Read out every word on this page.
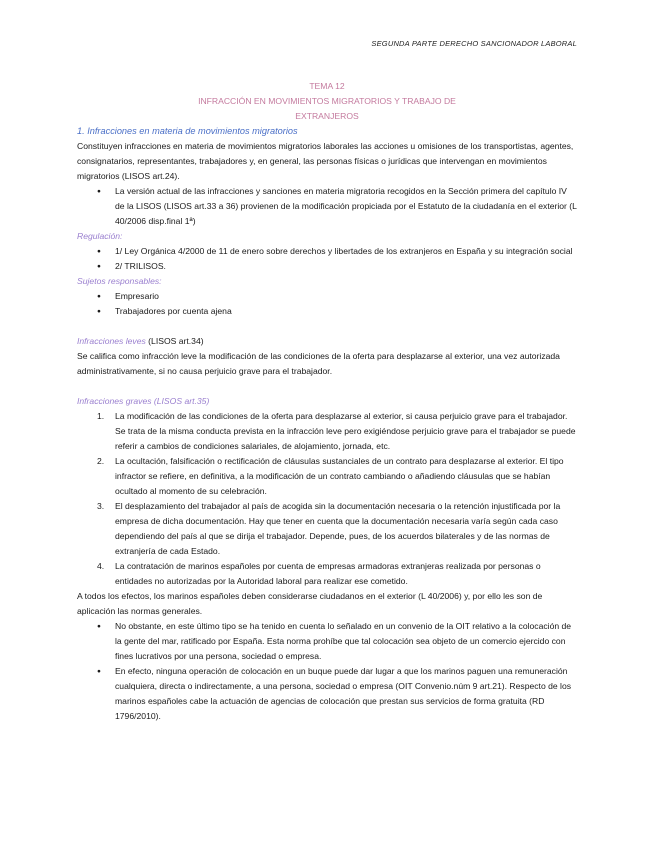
SEGUNDA PARTE DERECHO SANCIONADOR LABORAL
TEMA 12
INFRACCIÓN EN MOVIMIENTOS MIGRATORIOS Y TRABAJO DE
EXTRANJEROS
1. Infracciones en materia de movimientos migratorios

Constituyen infracciones en materia de movimientos migratorios laborales las acciones u omisiones de los transportistas, agentes, consignatarios, representantes, trabajadores y, en general, las personas físicas o jurídicas que intervengan en movimientos migratorios (LISOS art.24).

● La versión actual de las infracciones y sanciones en materia migratoria recogidos en la Sección primera del capítulo IV de la LISOS (LISOS art.33 a 36) provienen de la modificación propiciada por el Estatuto de la ciudadanía en el exterior (L 40/2006 disp.final 1ª)
Regulación:
● 1/ Ley Orgánica 4/2000 de 11 de enero sobre derechos y libertades de los extranjeros en España y su integración social
● 2/ TRILISOS.
Sujetos responsables:
● Empresario
● Trabajadores por cuenta ajena
Infracciones leves (LISOS art.34)

Se califica como infracción leve la modificación de las condiciones de la oferta para desplazarse al exterior, una vez autorizada administrativamente, si no causa perjuicio grave para el trabajador.

Infracciones graves (LISOS art.35)
1. La modificación de las condiciones de la oferta para desplazarse al exterior, si causa perjuicio grave para el trabajador. Se trata de la misma conducta prevista en la infracción leve pero exigiéndose perjuicio grave para el trabajador se puede referir a cambios de condiciones salariales, de alojamiento, jornada, etc.
2. La ocultación, falsificación o rectificación de cláusulas sustanciales de un contrato para desplazarse al exterior. El tipo infractor se refiere, en definitiva, a la modificación de un contrato cambiando o añadiendo cláusulas que se habían ocultado al momento de su celebración.
3. El desplazamiento del trabajador al país de acogida sin la documentación necesaria o la retención injustificada por la empresa de dicha documentación. Hay que tener en cuenta que la documentación necesaria varía según cada caso dependiendo del país al que se dirija el trabajador. Depende, pues, de los acuerdos bilaterales y de las normas de extranjería de cada Estado.
4. La contratación de marinos españoles por cuenta de empresas armadoras extranjeras realizada por personas o entidades no autorizadas por la Autoridad laboral para realizar ese cometido.

A todos los efectos, los marinos españoles deben considerarse ciudadanos en el exterior (L 40/2006) y, por ello les son de aplicación las normas generales.

● No obstante, en este último tipo se ha tenido en cuenta lo señalado en un convenio de la OIT relativo a la colocación de la gente del mar, ratificado por España. Esta norma prohíbe que tal colocación sea objeto de un comercio ejercido con fines lucrativos por una persona, sociedad o empresa.
● En efecto, ninguna operación de colocación en un buque puede dar lugar a que los marinos paguen una remuneración cualquiera, directa o indirectamente, a una persona, sociedad o empresa (OIT Convenio.núm 9 art.21). Respecto de los marinos españoles cabe la actuación de agencias de colocación que prestan sus servicios de forma gratuita (RD 1796/2010).
